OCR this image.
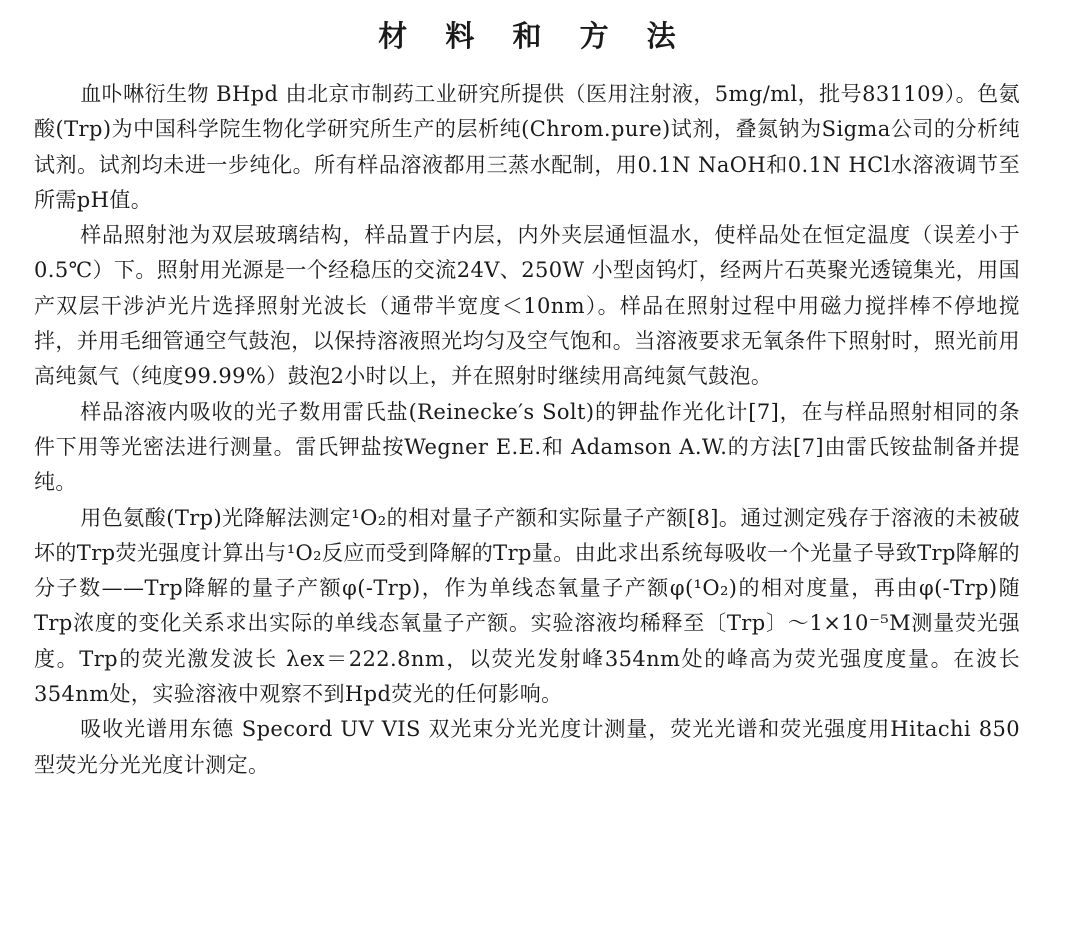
材 料 和 方 法

血卟啉衍生物 BHpd 由北京市制药工业研究所提供（医用注射液，5mg/ml，批号831109）。色氨酸(Trp)为中国科学院生物化学研究所生产的层析纯(Chrom.pure)试剂，叠氮钠为Sigma公司的分析纯试剂。试剂均未进一步纯化。所有样品溶液都用三蒸水配制，用0.1N NaOH和0.1N HCl水溶液调节至所需pH值。

样品照射池为双层玻璃结构，样品置于内层，内外夹层通恒温水，使样品处在恒定温度（误差小于0.5℃）下。照射用光源是一个经稳压的交流24V、250W 小型卤钨灯，经两片石英聚光透镜集光，用国产双层干涉泸光片选择照射光波长（通带半宽度＜10nm）。样品在照射过程中用磁力搅拌棒不停地搅拌，并用毛细管通空气鼓泡，以保持溶液照光均匀及空气饱和。当溶液要求无氧条件下照射时，照光前用高纯氮气（纯度99.99%）鼓泡2小时以上，并在照射时继续用高纯氮气鼓泡。

样品溶液内吸收的光子数用雷氏盐(Reinecke′s Solt)的钾盐作光化计[7]，在与样品照射相同的条件下用等光密法进行测量。雷氏钾盐按Wegner E.E.和 Adamson A.W.的方法[7]由雷氏铵盐制备并提纯。

用色氨酸(Trp)光降解法测定¹O₂的相对量子产额和实际量子产额[8]。通过测定残存于溶液的未被破坏的Trp荧光强度计算出与¹O₂反应而受到降解的Trp量。由此求出系统每吸收一个光量子导致Trp降解的分子数——Trp降解的量子产额φ(-Trp)，作为单线态氧量子产额φ(¹O₂)的相对度量，再由φ(-Trp)随Trp浓度的变化关系求出实际的单线态氧量子产额。实验溶液均稀释至〔Trp〕～1×10⁻⁵M测量荧光强度。Trp的荧光激发波长 λex＝222.8nm，以荧光发射峰354nm处的峰高为荧光强度度量。在波长354nm处，实验溶液中观察不到Hpd荧光的任何影响。

吸收光谱用东德 Specord UV VIS 双光束分光光度计测量，荧光光谱和荧光强度用Hitachi 850型荧光分光光度计测定。
